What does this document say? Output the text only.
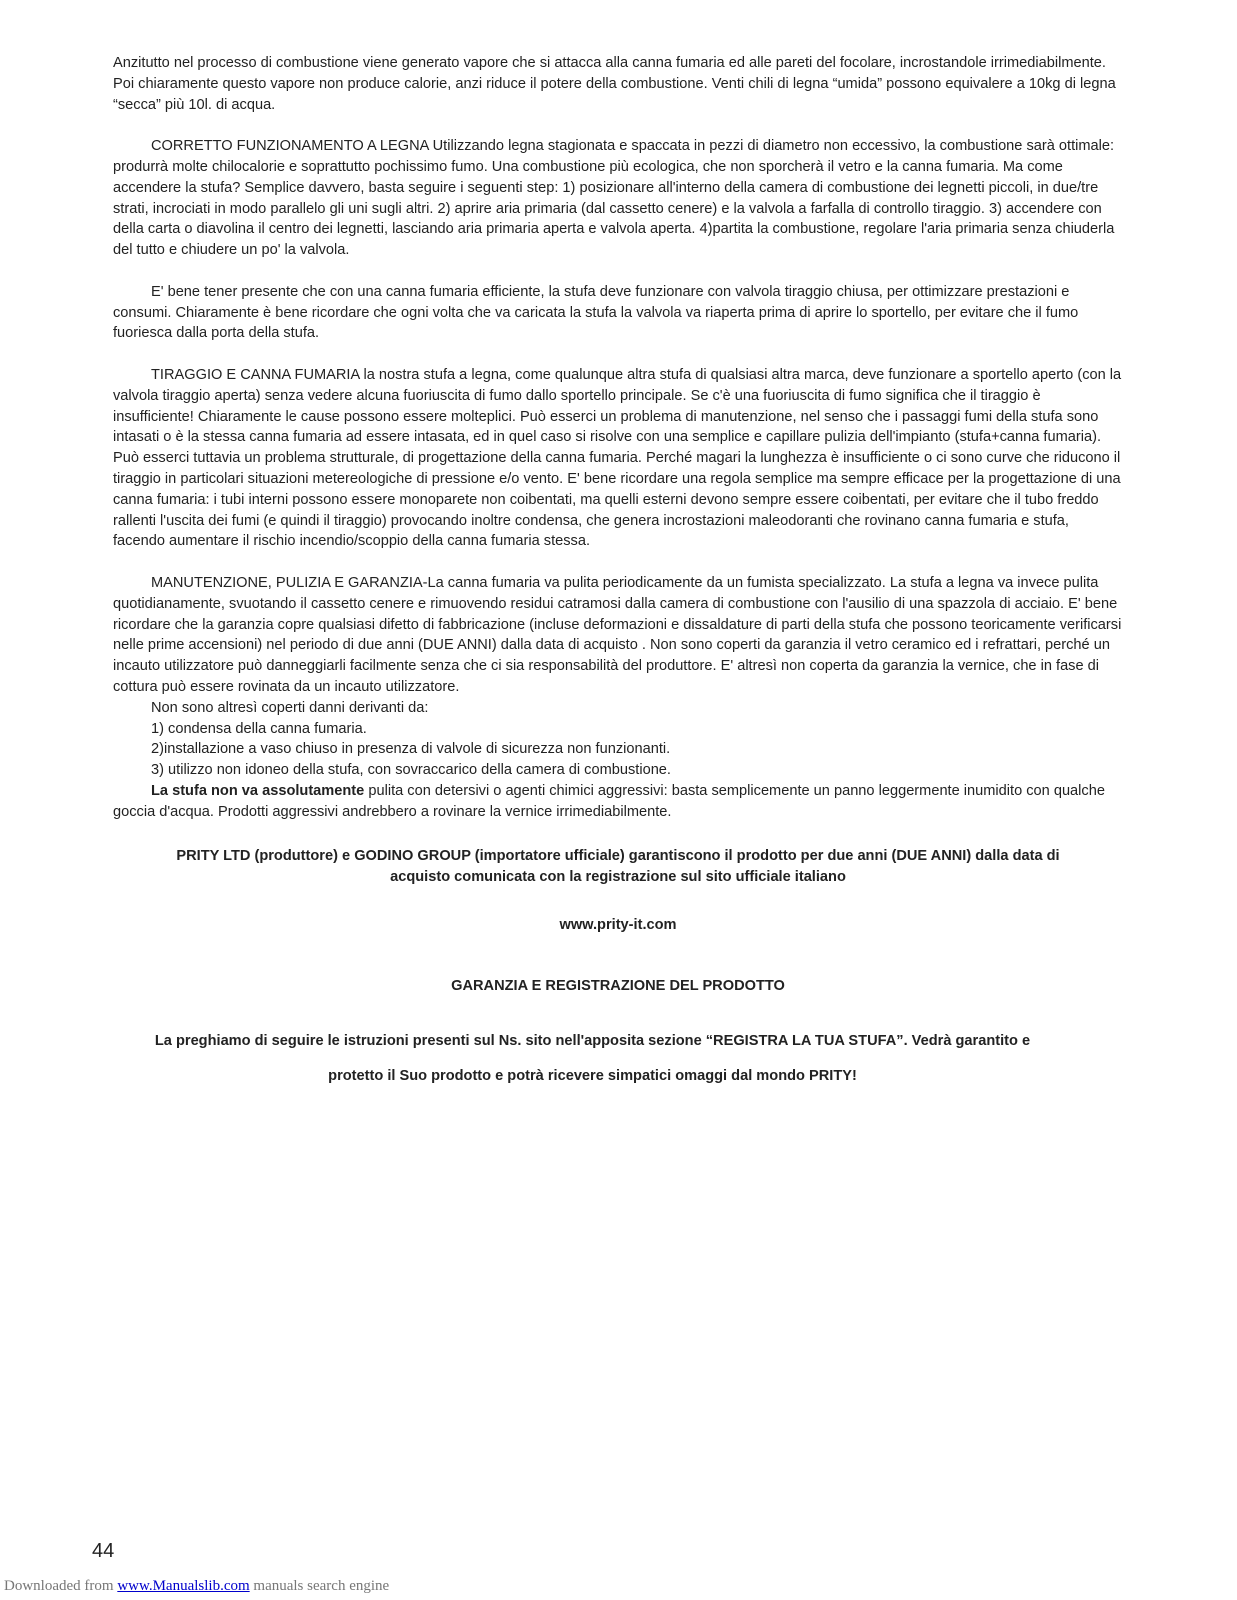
Anzitutto nel processo di combustione viene generato vapore che si attacca alla canna fumaria ed alle pareti del focolare, incrostandole irrimediabilmente. Poi chiaramente questo vapore non produce calorie, anzi riduce il potere della combustione. Venti chili di legna “umida” possono equivalere a 10kg di legna “secca” più 10l. di acqua.

CORRETTO FUNZIONAMENTO A LEGNA Utilizzando legna stagionata e spaccata in pezzi di diametro non eccessivo, la combustione sarà ottimale: produrrà molte chilocalorie e soprattutto pochissimo fumo. Una combustione più ecologica, che non sporcherà il vetro e la canna fumaria. Ma come accendere la stufa? Semplice davvero, basta seguire i seguenti step: 1) posizionare all'interno della camera di combustione dei legnetti piccoli, in due/tre strati, incrociati in modo parallelo gli uni sugli altri. 2) aprire aria primaria (dal cassetto cenere) e la valvola a farfalla di controllo tiraggio. 3) accendere con della carta o diavolina il centro dei legnetti, lasciando aria primaria aperta e valvola aperta. 4)partita la combustione, regolare l'aria primaria senza chiuderla del tutto e chiudere un po' la valvola.

E' bene tener presente che con una canna fumaria efficiente, la stufa deve funzionare con valvola tiraggio chiusa, per ottimizzare prestazioni e consumi. Chiaramente è bene ricordare che ogni volta che va caricata la stufa la valvola va riaperta prima di aprire lo sportello, per evitare che il fumo fuoriesca dalla porta della stufa.

TIRAGGIO E CANNA FUMARIA la nostra stufa a legna, come qualunque altra stufa di qualsiasi altra marca, deve funzionare a sportello aperto (con la valvola tiraggio aperta) senza vedere alcuna fuoriuscita di fumo dallo sportello principale. Se c'è una fuoriuscita di fumo significa che il tiraggio è insufficiente! Chiaramente le cause possono essere molteplici. Può esserci un problema di manutenzione, nel senso che i passaggi fumi della stufa sono intasati o è la stessa canna fumaria ad essere intasata, ed in quel caso si risolve con una semplice e capillare pulizia dell'impianto (stufa+canna fumaria). Può esserci tuttavia un problema strutturale, di progettazione della canna fumaria. Perché magari la lunghezza è insufficiente o ci sono curve che riducono il tiraggio in particolari situazioni metereologiche di pressione e/o vento. E' bene ricordare una regola semplice ma sempre efficace per la progettazione di una canna fumaria: i tubi interni possono essere monoparete non coibentati, ma quelli esterni devono sempre essere coibentati, per evitare che il tubo freddo rallenti l'uscita dei fumi (e quindi il tiraggio) provocando inoltre condensa, che genera incrostazioni maleodoranti che rovinano canna fumaria e stufa, facendo aumentare il rischio incendio/scoppio della canna fumaria stessa.

MANUTENZIONE, PULIZIA E GARANZIA-La canna fumaria va pulita periodicamente da un fumista specializzato. La stufa a legna va invece pulita quotidianamente, svuotando il cassetto cenere e rimuovendo residui catramosi dalla camera di combustione con l'ausilio di una spazzola di acciaio. E' bene ricordare che la garanzia copre qualsiasi difetto di fabbricazione (incluse deformazioni e dissaldature di parti della stufa che possono teoricamente verificarsi nelle prime accensioni) nel periodo di due anni (DUE ANNI) dalla data di acquisto . Non sono coperti da garanzia il vetro ceramico ed i refrattari, perché un incauto utilizzatore può danneggiarli facilmente senza che ci sia responsabilità del produttore. E' altresì non coperta da garanzia la vernice, che in fase di cottura può essere rovinata da un incauto utilizzatore.

Non sono altresì coperti danni derivanti da:

1) condensa della canna fumaria.

2)installazione a vaso chiuso in presenza di valvole di sicurezza non funzionanti.

3) utilizzo non idoneo della stufa, con sovraccarico della camera di combustione.

La stufa non va assolutamente pulita con detersivi o agenti chimici aggressivi: basta semplicemente un panno leggermente inumidito con qualche goccia d'acqua. Prodotti aggressivi andrebbero a rovinare la vernice irrimediabilmente.

PRITY LTD (produttore) e GODINO GROUP (importatore ufficiale) garantiscono il prodotto per due anni (DUE ANNI) dalla data di acquisto comunicata con la registrazione sul sito ufficiale italiano
www.prity-it.com
GARANZIA E REGISTRAZIONE DEL PRODOTTO
La preghiamo di seguire le istruzioni presenti sul Ns. sito nell'apposita sezione “REGISTRA LA TUA STUFA”. Vedrà garantito e
protetto il Suo prodotto e potrà ricevere simpatici omaggi dal mondo PRITY!
44
Downloaded from www.Manualslib.com manuals search engine
